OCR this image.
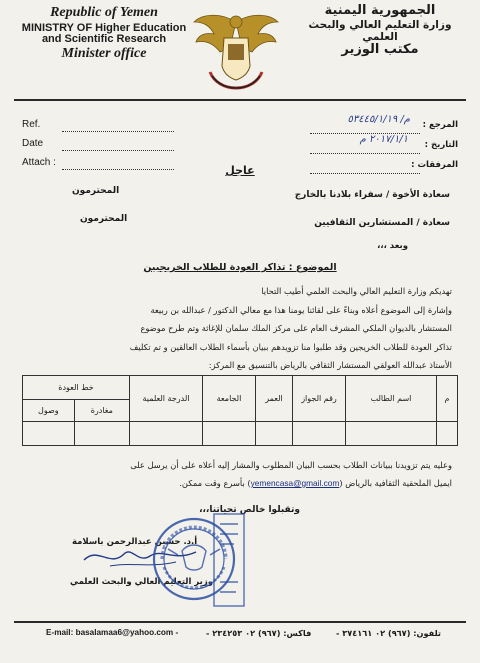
Republic of Yemen
MINISTRY OF Higher Education
and Scientific Research
Minister office
الجمهورية اليمنية
وزارة التعليم العالي والبحث العلمي
مكتب الوزير
Ref.
Date
Attach :
المرجع :
م/ ٥٣٤٤٥/١/١٩
التاريخ :
٢٠١٧/١/١ م
المرفقات :
عاجل
سعادة الأخوة / سفراء بلادنا بالخارج
المحترمون
سعادة / المستشارين الثقافيين
المحترمون
وبعد ،،،
الموضوع : تذاكر العودة للطلاب الخريجيين
تهديكم وزارة التعليم العالي والبحث العلمي أطيب التحايا
وإشارة إلى الموضوع أعلاه وبناءً على لقائنا يومنا هذا مع معالي الدكتور / عبدالله بن ربيعة
المستشار بالديوان الملكي المشرف العام على مركز الملك سلمان للإغاثة وتم طرح موضوع
تذاكر العودة للطلاب الخريجين وقد طلبوا منا تزويدهم ببيان بأسماء الطلاب العالقين و تم تكليف
الأستاذ عبدالله العولقي المستشار الثقافي بالرياض بالتنسيق مع المركز:
م	اسم الطالب	رقم الجواز	العمر	الجامعة	الدرجة العلمية	خط العودة	
						مغادرة	وصول

وعليه يتم تزويدنا ببيانات الطلاب بحسب البيان المطلوب والمشار إليه أعلاه على أن يرسل على
ايميل الملحقية الثقافية بالرياض (yemencasa@gmail.com) بأسرع وقت ممكن.
وتقبلوا خالص تحياتنا،،،
أ.د. حسين عبدالرحمن باسلامة
وزير التعليم العالي والبحث العلمي
E-mail: basalamaa6@yahoo.com -	فاكس: (٩٦٧) ٠٢ ٢٣٤٢٥٣ -	تلفون: (٩٦٧) ٠٢ ٣٧٤١٦١ -
